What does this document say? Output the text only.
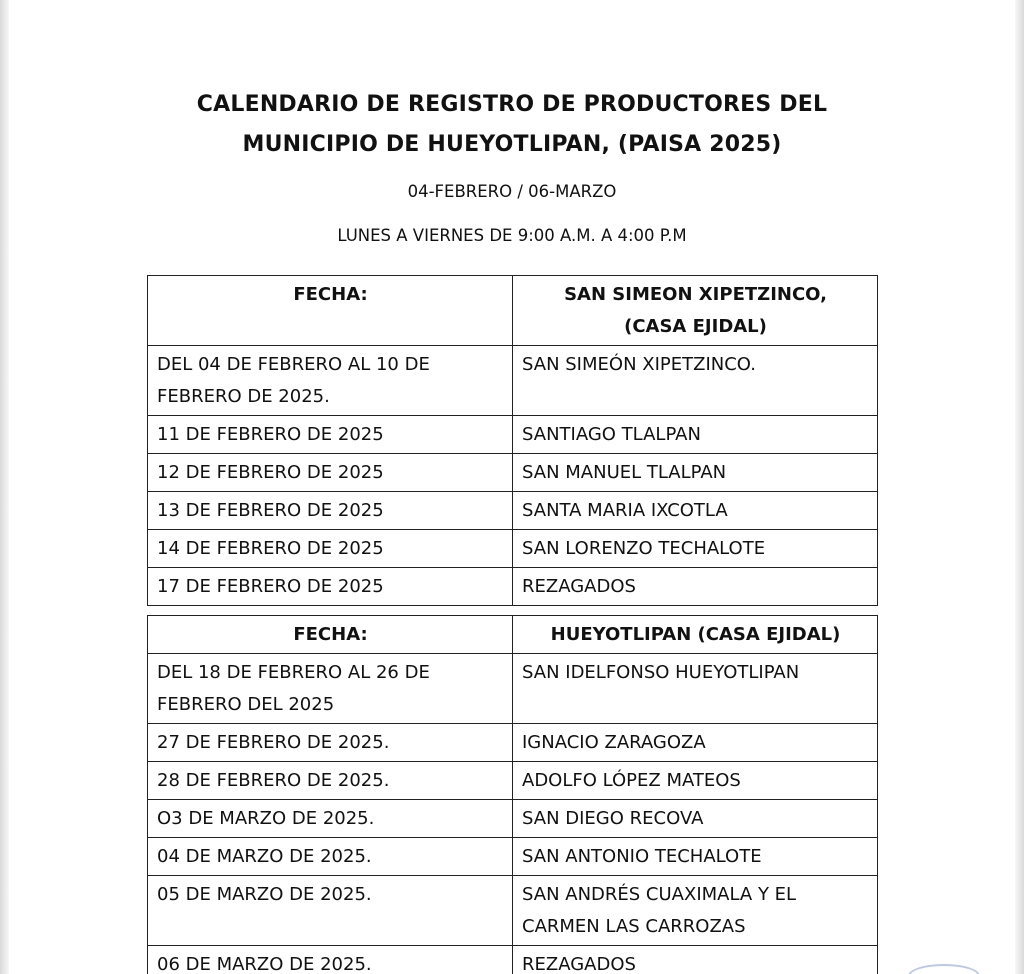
CALENDARIO DE REGISTRO DE PRODUCTORES DEL
MUNICIPIO DE HUEYOTLIPAN, (PAISA 2025)
04-FEBRERO / 06-MARZO
LUNES A VIERNES DE 9:00 A.M. A 4:00 P.M
FECHA:	SAN SIMEON XIPETZINCO,
(CASA EJIDAL)

DEL 04 DE FEBRERO AL 10 DE
FEBRERO DE 2025.	SAN SIMEÓN XIPETZINCO.
11 DE FEBRERO DE 2025	SANTIAGO TLALPAN
12 DE FEBRERO DE 2025	SAN MANUEL TLALPAN
13 DE FEBRERO DE 2025	SANTA MARIA IXCOTLA
14 DE FEBRERO DE 2025	SAN LORENZO TECHALOTE
17 DE FEBRERO DE 2025	REZAGADOS
FECHA:	HUEYOTLIPAN (CASA EJIDAL)

DEL 18 DE FEBRERO AL 26 DE
FEBRERO DEL 2025	SAN IDELFONSO HUEYOTLIPAN
27 DE FEBRERO DE 2025.	IGNACIO ZARAGOZA
28 DE FEBRERO DE 2025.	ADOLFO LÓPEZ MATEOS
O3 DE MARZO DE 2025.	SAN DIEGO RECOVA
04 DE MARZO DE 2025.	SAN ANTONIO TECHALOTE
05 DE MARZO DE 2025.	SAN ANDRÉS CUAXIMALA Y EL
CARMEN LAS CARROZAS

06 DE MARZO DE 2025.	REZAGADOS
